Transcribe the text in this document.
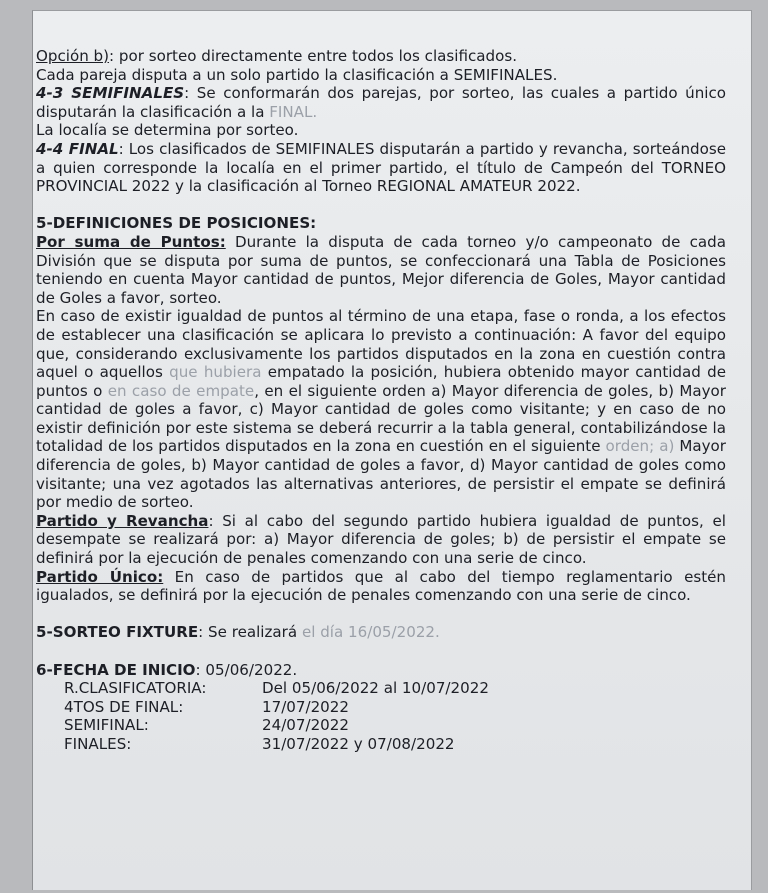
Opción b): por sorteo directamente entre todos los clasificados.

Cada pareja disputa a un solo partido la clasificación a SEMIFINALES.

4-3 SEMIFINALES: Se conformarán dos parejas, por sorteo, las cuales a partido único disputarán la clasificación a la FINAL.

La localía se determina por sorteo.

4-4 FINAL: Los clasificados de SEMIFINALES disputarán a partido y revancha, sorteándose a quien corresponde la localía en el primer partido, el título de Campeón del TORNEO PROVINCIAL 2022 y la clasificación al Torneo REGIONAL AMATEUR 2022.

5-DEFINICIONES DE POSICIONES:

Por suma de Puntos: Durante la disputa de cada torneo y/o campeonato de cada División que se disputa por suma de puntos, se confeccionará una Tabla de Posiciones teniendo en cuenta Mayor cantidad de puntos, Mejor diferencia de Goles, Mayor cantidad de Goles a favor, sorteo.

En caso de existir igualdad de puntos al término de una etapa, fase o ronda, a los efectos de establecer una clasificación se aplicara lo previsto a continuación: A favor del equipo que, considerando exclusivamente los partidos disputados en la zona en cuestión contra aquel o aquellos que hubiera empatado la posición, hubiera obtenido mayor cantidad de puntos o en caso de empate, en el siguiente orden a) Mayor diferencia de goles, b) Mayor cantidad de goles a favor, c) Mayor cantidad de goles como visitante; y en caso de no existir definición por este sistema se deberá recurrir a la tabla general, contabilizándose la totalidad de los partidos disputados en la zona en cuestión en el siguiente orden; a) Mayor diferencia de goles, b) Mayor cantidad de goles a favor, d) Mayor cantidad de goles como visitante; una vez agotados las alternativas anteriores, de persistir el empate se definirá por medio de sorteo.

Partido y Revancha: Si al cabo del segundo partido hubiera igualdad de puntos, el desempate se realizará por: a) Mayor diferencia de goles; b) de persistir el empate se definirá por la ejecución de penales comenzando con una serie de cinco.

Partido Único: En caso de partidos que al cabo del tiempo reglamentario estén igualados, se definirá por la ejecución de penales comenzando con una serie de cinco.

5-SORTEO FIXTURE: Se realizará el día 16/05/2022.

6-FECHA DE INICIO: 05/06/2022.

R.CLASIFICATORIA:	Del 05/06/2022 al 10/07/2022
4TOS DE FINAL:	17/07/2022
SEMIFINAL:	24/07/2022
FINALES:	31/07/2022 y 07/08/2022
